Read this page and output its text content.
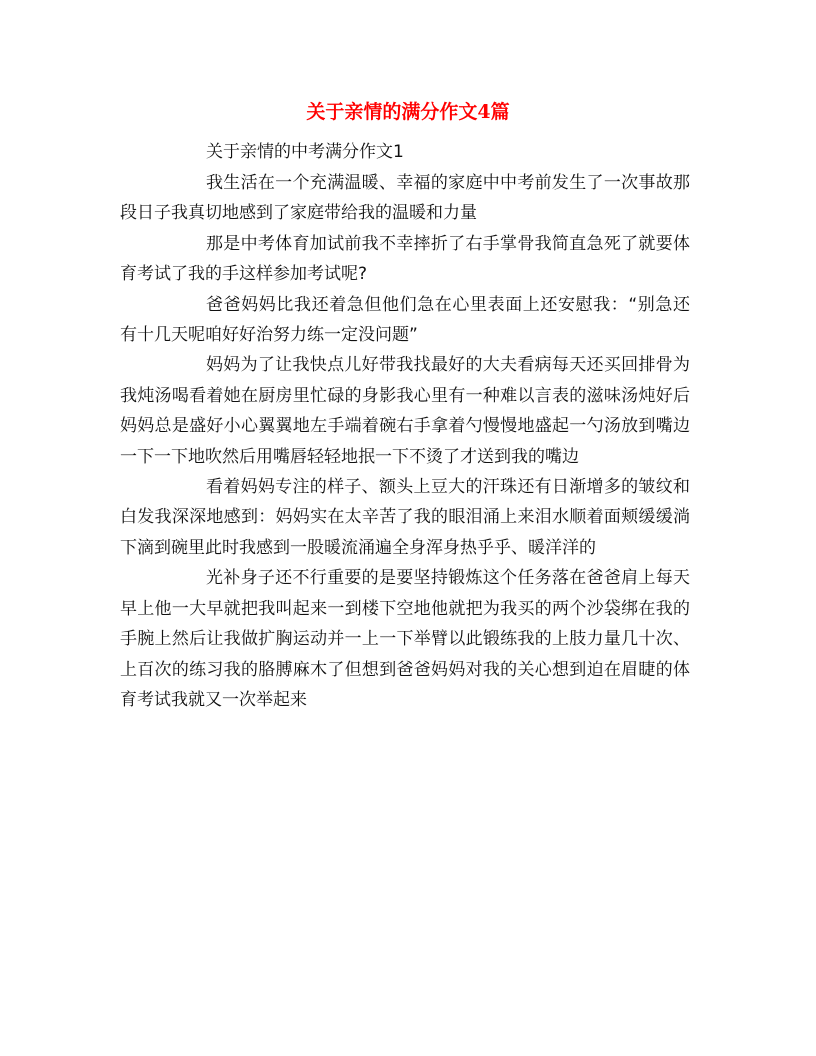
关于亲情的满分作文4篇

关于亲情的中考满分作文1

我生活在一个充满温暖、幸福的家庭中中考前发生了一次事故那段日子我真切地感到了家庭带给我的温暖和力量

那是中考体育加试前我不幸摔折了右手掌骨我简直急死了就要体育考试了我的手这样参加考试呢?

爸爸妈妈比我还着急但他们急在心里表面上还安慰我：“别急还有十几天呢咱好好治努力练一定没问题”

妈妈为了让我快点儿好带我找最好的大夫看病每天还买回排骨为我炖汤喝看着她在厨房里忙碌的身影我心里有一种难以言表的滋味汤炖好后妈妈总是盛好小心翼翼地左手端着碗右手拿着勺慢慢地盛起一勺汤放到嘴边一下一下地吹然后用嘴唇轻轻地抿一下不烫了才送到我的嘴边

看着妈妈专注的样子、额头上豆大的汗珠还有日渐增多的皱纹和白发我深深地感到：妈妈实在太辛苦了我的眼泪涌上来泪水顺着面颊缓缓淌下滴到碗里此时我感到一股暖流涌遍全身浑身热乎乎、暖洋洋的

光补身子还不行重要的是要坚持锻炼这个任务落在爸爸肩上每天早上他一大早就把我叫起来一到楼下空地他就把为我买的两个沙袋绑在我的手腕上然后让我做扩胸运动并一上一下举臂以此锻练我的上肢力量几十次、上百次的练习我的胳膊麻木了但想到爸爸妈妈对我的关心想到迫在眉睫的体育考试我就又一次举起来
